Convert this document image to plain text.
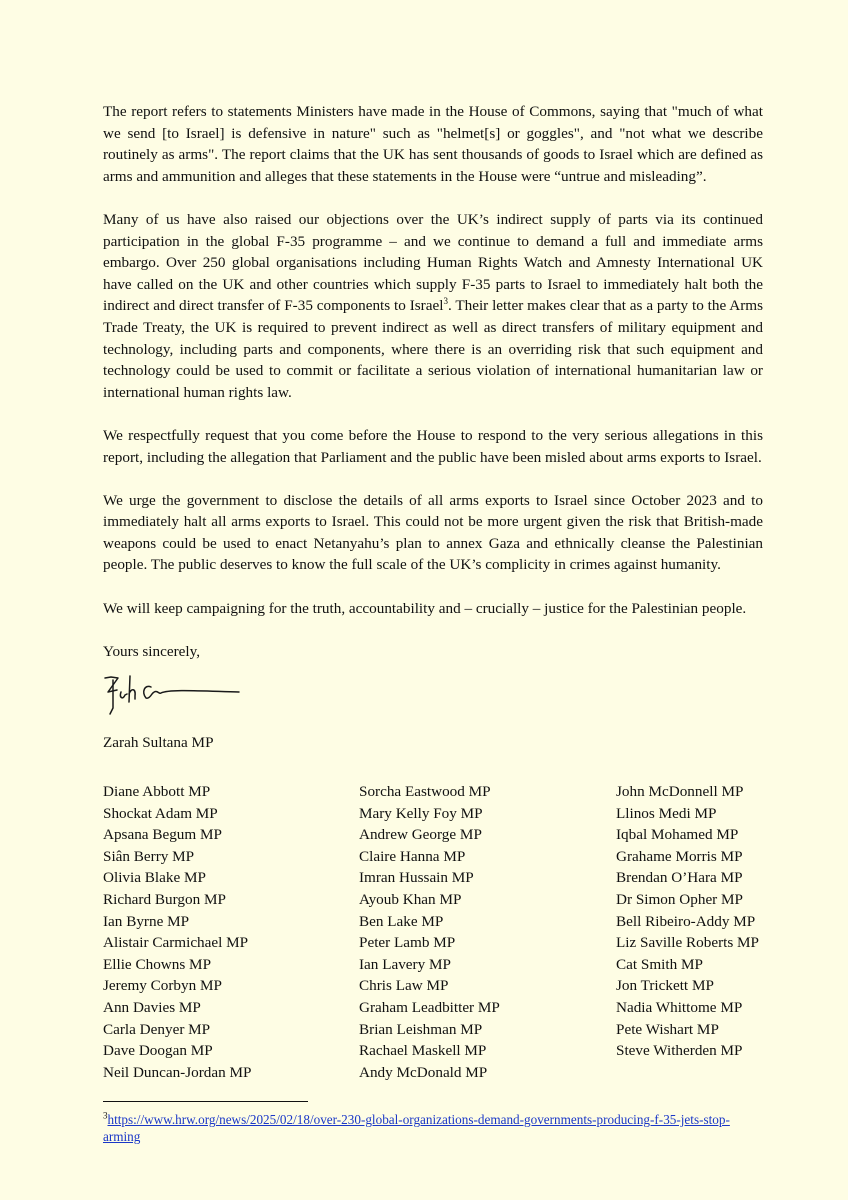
The report refers to statements Ministers have made in the House of Commons, saying that "much of what we send [to Israel] is defensive in nature" such as "helmet[s] or goggles", and "not what we describe routinely as arms". The report claims that the UK has sent thousands of goods to Israel which are defined as arms and ammunition and alleges that these statements in the House were “untrue and misleading”.

Many of us have also raised our objections over the UK’s indirect supply of parts via its continued participation in the global F-35 programme – and we continue to demand a full and immediate arms embargo. Over 250 global organisations including Human Rights Watch and Amnesty International UK have called on the UK and other countries which supply F-35 parts to Israel to immediately halt both the indirect and direct transfer of F-35 components to Israel$^3$. Their letter makes clear that as a party to the Arms Trade Treaty, the UK is required to prevent indirect as well as direct transfers of military equipment and technology, including parts and components, where there is an overriding risk that such equipment and technology could be used to commit or facilitate a serious violation of international humanitarian law or international human rights law.

We respectfully request that you come before the House to respond to the very serious allegations in this report, including the allegation that Parliament and the public have been misled about arms exports to Israel.

We urge the government to disclose the details of all arms exports to Israel since October 2023 and to immediately halt all arms exports to Israel. This could not be more urgent given the risk that British-made weapons could be used to enact Netanyahu’s plan to annex Gaza and ethnically cleanse the Palestinian people. The public deserves to know the full scale of the UK’s complicity in crimes against humanity.

We will keep campaigning for the truth, accountability and – crucially – justice for the Palestinian people.

Yours sincerely,

Zarah Sultana MP

Diane Abbott MP
Shockat Adam MP
Apsana Begum MP
Siân Berry MP
Olivia Blake MP
Richard Burgon MP
Ian Byrne MP
Alistair Carmichael MP
Ellie Chowns MP
Jeremy Corbyn MP
Ann Davies MP
Carla Denyer MP
Dave Doogan MP
Neil Duncan-Jordan MP
Sorcha Eastwood MP
Mary Kelly Foy MP
Andrew George MP
Claire Hanna MP
Imran Hussain MP
Ayoub Khan MP
Ben Lake MP
Peter Lamb MP
Ian Lavery MP
Chris Law MP
Graham Leadbitter MP
Brian Leishman MP
Rachael Maskell MP
Andy McDonald MP
John McDonnell MP
Llinos Medi MP
Iqbal Mohamed MP
Grahame Morris MP
Brendan O’Hara MP
Dr Simon Opher MP
Bell Ribeiro-Addy MP
Liz Saville Roberts MP
Cat Smith MP
Jon Trickett MP
Nadia Whittome MP
Pete Wishart MP
Steve Witherden MP
$^3$https://www.hrw.org/news/2025/02/18/over-230-global-organizations-demand-governments-producing-f-35-jets-stop-arming
